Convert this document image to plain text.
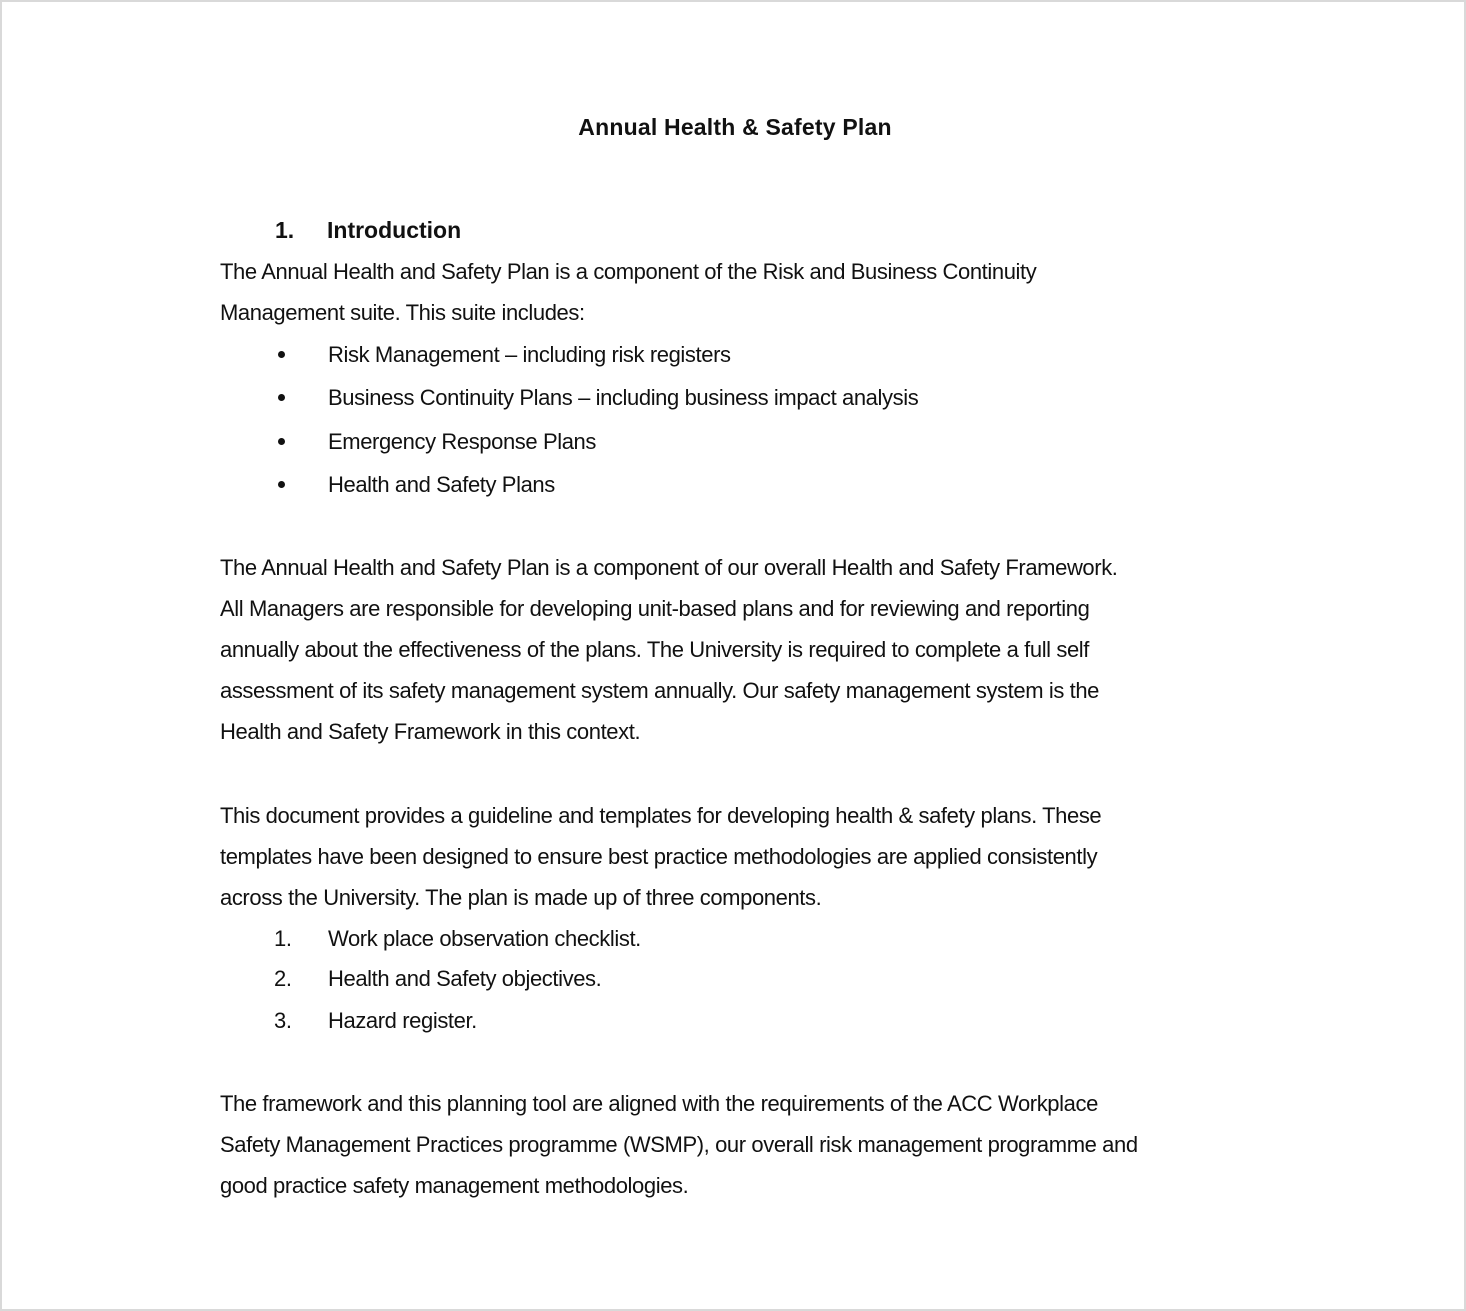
Annual Health & Safety Plan
1. Introduction
The Annual Health and Safety Plan is a component of the Risk and Business Continuity
Management suite. This suite includes:
Risk Management – including risk registers
Business Continuity Plans – including business impact analysis
Emergency Response Plans
Health and Safety Plans
The Annual Health and Safety Plan is a component of our overall Health and Safety Framework.
All Managers are responsible for developing unit-based plans and for reviewing and reporting
annually about the effectiveness of the plans. The University is required to complete a full self
assessment of its safety management system annually. Our safety management system is the
Health and Safety Framework in this context.
This document provides a guideline and templates for developing health & safety plans. These
templates have been designed to ensure best practice methodologies are applied consistently
across the University. The plan is made up of three components.
1. Work place observation checklist.
2. Health and Safety objectives.
3. Hazard register.
The framework and this planning tool are aligned with the requirements of the ACC Workplace
Safety Management Practices programme (WSMP), our overall risk management programme and
good practice safety management methodologies.
